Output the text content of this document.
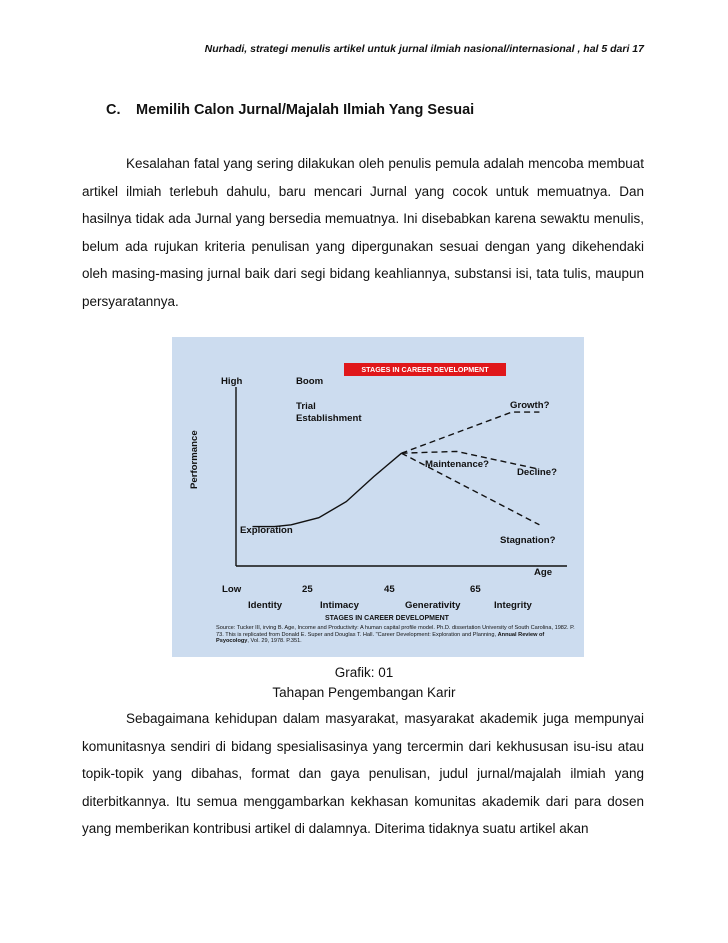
Nurhadi, strategi menulis artikel untuk jurnal ilmiah nasional/internasional , hal 5 dari 17
C. Memilih Calon Jurnal/Majalah Ilmiah Yang Sesuai
Kesalahan fatal yang sering dilakukan oleh penulis pemula adalah mencoba membuat artikel ilmiah terlebuh dahulu, baru mencari Jurnal yang cocok untuk memuatnya. Dan hasilnya tidak ada Jurnal yang bersedia memuatnya. Ini disebabkan karena sewaktu menulis, belum ada rujukan kriteria penulisan yang dipergunakan sesuai dengan yang dikehendaki oleh masing-masing jurnal baik dari segi bidang keahliannya, substansi isi, tata tulis, maupun persyaratannya.
STAGES IN CAREER DEVELOPMENT
High	Boom
Trial
Establishment
Growth?
Maintenance?
Decline?
Exploration
Stagnation?
Performance
Age
Low	25	45	65
Identity	Intimacy	Generativity	Integrity
STAGES IN CAREER DEVELOPMENT
Source: Tucker III, irving B. Age, Income and Productivity: A human capital profile model. Ph.D. dissertation University of South Carolina, 1982. P. 73. This is replicated from Donald E. Super and Douglas T. Hall. "Career Development: Exploration and Planning, Annual Review of Psyocology, Vol. 29, 1978. P.351.
Grafik: 01
Tahapan Pengembangan Karir
Sebagaimana kehidupan dalam masyarakat, masyarakat akademik juga mempunyai komunitasnya sendiri di bidang spesialisasinya yang tercermin dari kekhususan isu-isu atau topik-topik yang dibahas, format dan gaya penulisan, judul jurnal/majalah ilmiah yang diterbitkannya. Itu semua menggambarkan kekhasan komunitas akademik dari para dosen yang memberikan kontribusi artikel di dalamnya. Diterima tidaknya suatu artikel akan
